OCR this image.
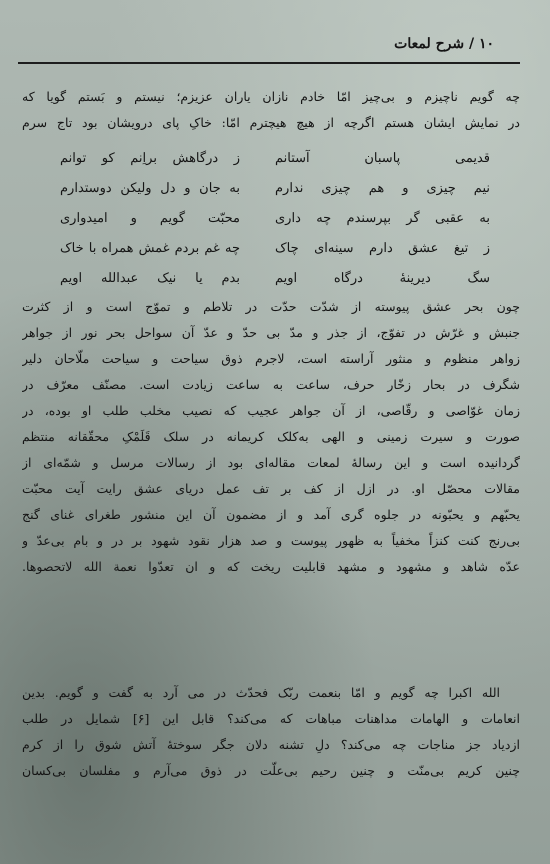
۱۰ / شرح لمعات
چه گویم ناچیزم و بی‌چیز امّا خادم نازان یاران عزیزم؛ نیستم و بَستم گویا که
در نمایش ایشان هستم اگرچه از هیچ هیچترم امّا: خاکِ پای درویشان بود تاج سرم
قدیمی پاسبان آستانم
ز درگاهش براِنم کو توانم
نیم چیزی و هم چیزی ندارم
به جان و دل ولیکن دوستدارم
به عقبی گر بپرسندم چه داری
محبّت گویم و امیدواری
ز تیغ عشق دارم سینه‌ای چاک
چه غم بردم غمش همراه با خاک
سگ دیرینهٔ درگاه اویم
بدم یا نیک عبدالله اویم
چون بحر عشق پیوسته از شدّت حدّت در تلاطم و تموّج است و از کثرت
جنبش و غرّش در تفوّج، از جذر و مدّ بی حدّ و عدّ آن سواحل بحر نور از جواهر
زواهر منظوم و منثور آراسته است، لاجرم ذوق سیاحت و سیاحت ملّاحان دلیر
شگرف در بحار زخّار حرف، ساعت به ساعت زیادت است. مصنّف معرّف در
زمان غوّاصی و رقّاصی، از آن جواهر عجیب که نصیب مخلب طلب او بوده، در
صورت و سیرت زمینی و الهی به‌کلک کریمانه در سلک قَلَمْکِ محقّقانه منتظم
گردانیده است و این رسالهٔ لمعات مقاله‌ای بود از رسالات مرسل و شمّه‌ای از
مقالات محصّل او. در ازل از کف بر تف عمل دریای عشق رایت آیت محبّت
یحبّهم و یحبّونه در جلوه گری آمد و از مضمون آن این منشور طغرای غنای گنج
بی‌رنج کنت کنزاً مخفیاً به ظهور پیوست و صد هزار نقود شهود بر در و بام بی‌عدّ و
عدّه شاهد و مشهود و مشهد قابلیت ریخت که و ان تعدّوا نعمة الله لاتحصوها.
الله اکبرا چه گویم و امّا بنعمت ربّک فحدّث در می آرد به گفت و گویم. بدین
انعامات و الهامات مداهنات مباهات که می‌کند؟ قابل این [۶] شمایل در طلب
ازدیاد جز مناجات چه می‌کند؟ دلِ تشنه دلان جگر سوختهٔ آتش شوق را از کرم
چنین کریم بی‌منّت و چنین رحیم بی‌علّت در ذوق می‌آرم و مفلسان بی‌کسان
